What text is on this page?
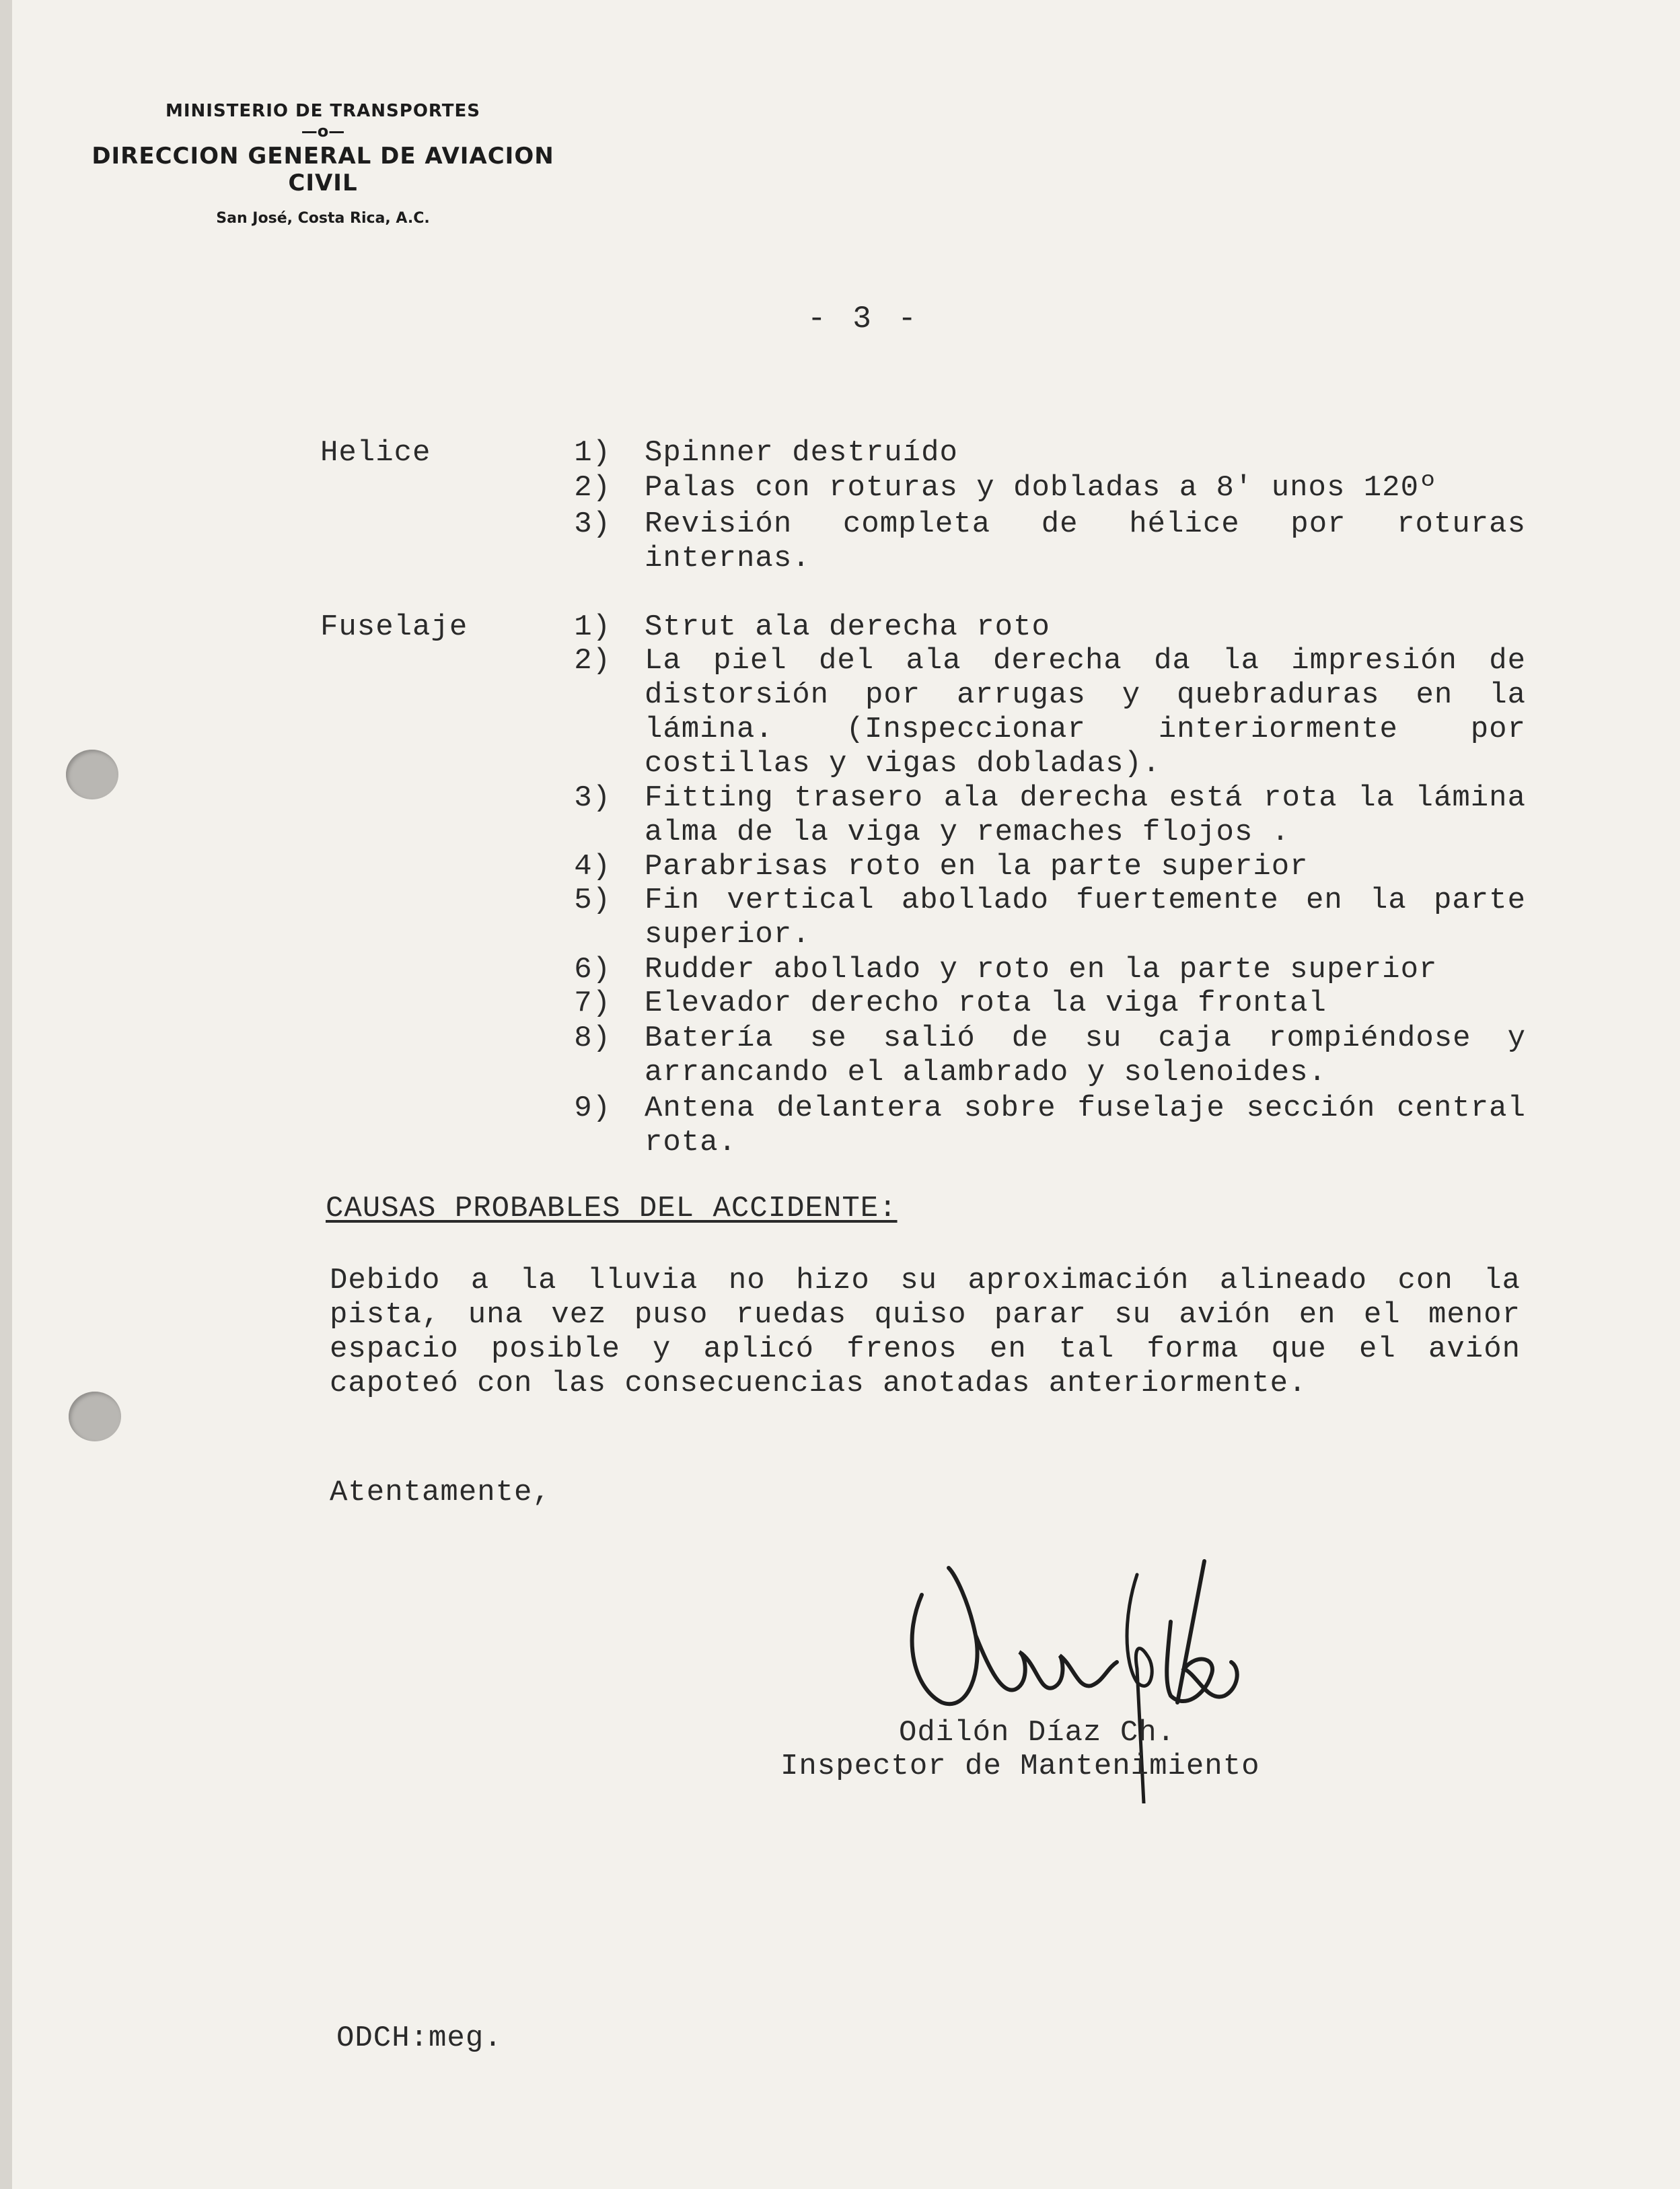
MINISTERIO DE TRANSPORTES
—o—
DIRECCION GENERAL DE AVIACION CIVIL
San José, Costa Rica, A.C.
- 3 -
Helice	1) Spinner destruído
2) Palas con roturas y dobladas a 8' unos 120º
3) Revisión completa de hélice por roturas internas.
Fuselaje	1) Strut ala derecha roto
2) La piel del ala derecha da la impresión de distorsión por arrugas y quebraduras en la lámina. (Inspeccionar interiormente por costillas y vigas dobladas).
3) Fitting trasero ala derecha está rota la lámina alma de la viga y remaches flojos .
4) Parabrisas roto en la parte superior
5) Fin vertical abollado fuertemente en la parte superior.
6) Rudder abollado y roto en la parte superior
7) Elevador derecho rota la viga frontal
8) Batería se salió de su caja rompiéndose y arrancando el alambrado y solenoides.
9) Antena delantera sobre fuselaje sección central rota.
CAUSAS PROBABLES DEL ACCIDENTE:
Debido a la lluvia no hizo su aproximación alineado con la pista, una vez puso ruedas quiso parar su avión en el menor espacio posible y aplicó frenos en tal forma que el avión capoteó con las consecuencias anotadas anteriormente.
Atentamente,
Odilón Díaz Ch.
Inspector de Mantenimiento
ODCH:meg.
